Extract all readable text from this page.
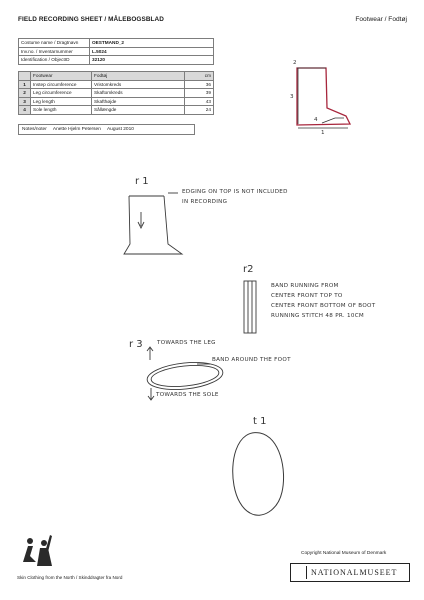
FIELD RECORDING SHEET / MÅLEBOGSBLAD	Footwear / Fodtøj
Costume name / Dragtnavn	OESTMAND_2
Inv.no. / Inventarnummer	L.5024
Identification / ObjectID	32120
	Footwear	Fodtøj	cm
1	Instep circumference	Vristomkreds	36
2	Leg circumference	Skaftomkreds	39
3	Leg length	Skafthøjde	43
4	Sole length	Sållængde	24
Notes/noter Anette Hjelm Petersen August 2010
2
3
4
1
r 1
EDGING ON TOP IS NOT INCLUDED
IN RECORDING
r2
BAND RUNNING FROM
CENTER FRONT TOP TO
CENTER FRONT BOTTOM OF BOOT
RUNNING STITCH 48 PR. 10CM
r 3	TOWARDS THE LEG
BAND AROUND THE FOOT
TOWARDS THE SOLE
t 1
Copyright National Museum of Denmark
NATIONALMUSEET
Skin Clothing from the North / Skinddragter fra Nord
